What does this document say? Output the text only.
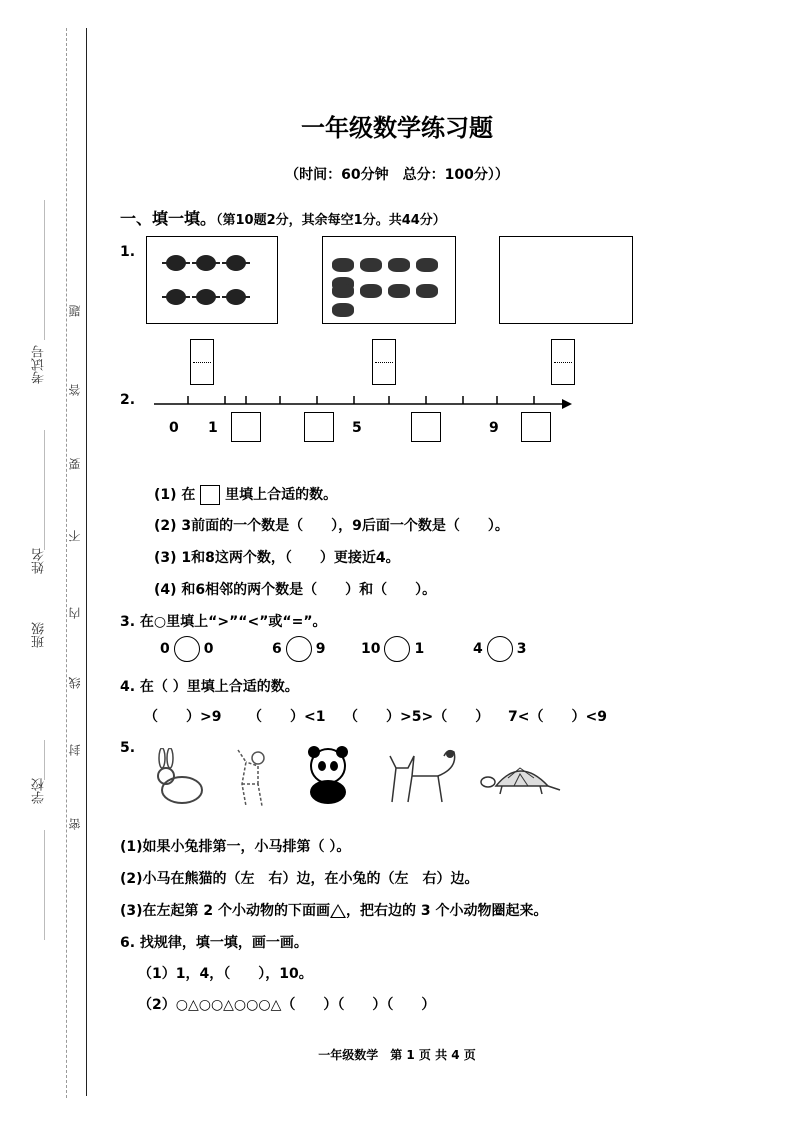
考试号
姓名
班级
学校
题
答
要
不
内
线
封
密
一年级数学练习题
（时间：60分钟　总分：100分））
一、填一填。（第10题2分，其余每空1分。共44分）
1.
2.
0 1	5	9
(1) 在  里填上合适的数。
(2) 3前面的一个数是（　　），9后面一个数是（　　）。
(3) 1和8这两个数，（　　）更接近4。
(4) 和6相邻的两个数是（　　）和（　　）。
3. 在○里填上“>”“<”或“=”。
0 0	6 9	10 1	4 3
4. 在（ ）里填上合适的数。
（　　）>9 （　　）<1 （　　）>5>（　　） 7<（　　）<9
5.
(1)如果小兔排第一，小马排第（ ）。
(2)小马在熊猫的（左　右）边，在小兔的（左　右）边。
(3)在左起第 2 个小动物的下面画 ，把右边的 3 个小动物圈起来。
6. 找规律，填一填，画一画。
（1）1，4，（　　），10。
（2）○△○○△○○○△（　　）（　　）（　　）
一年级数学　第 1 页 共 4 页
